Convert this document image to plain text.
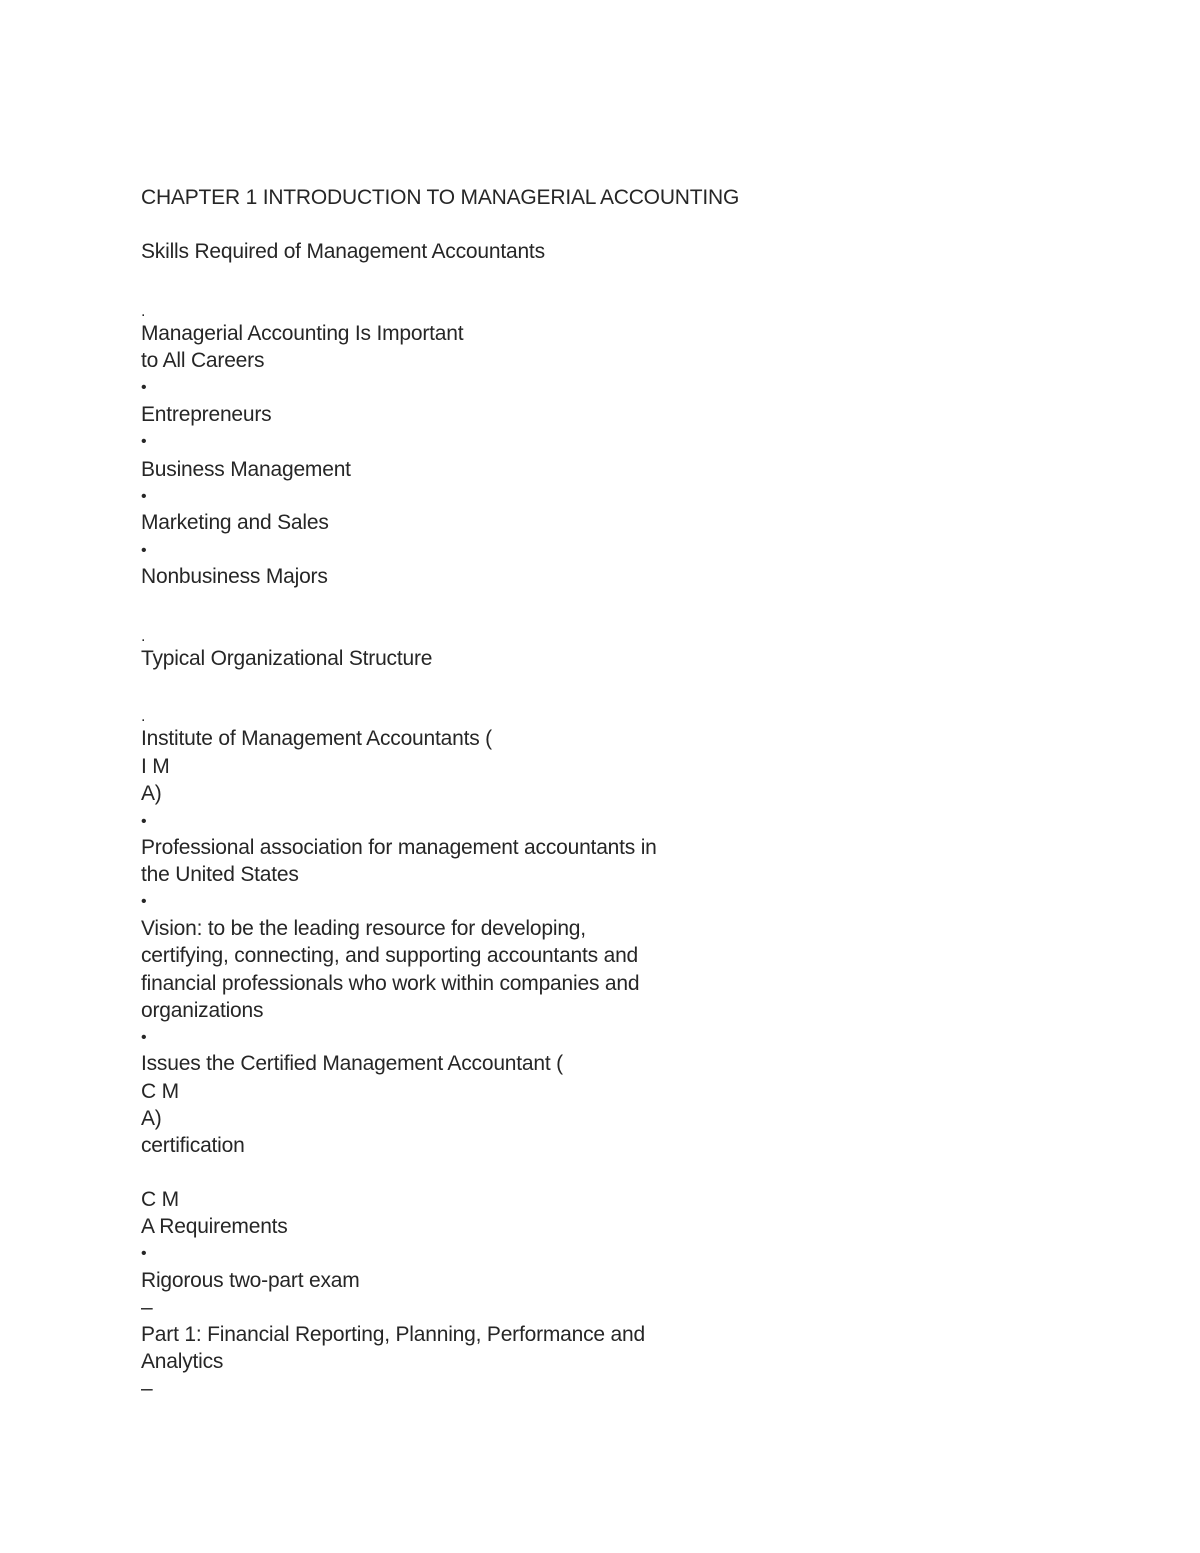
CHAPTER 1 INTRODUCTION TO MANAGERIAL ACCOUNTING
Skills Required of Management Accountants
.
Managerial Accounting Is Important
to All Careers
•
Entrepreneurs
•
Business Management
•
Marketing and Sales
•
Nonbusiness Majors
.
Typical Organizational Structure
.
Institute of Management Accountants (
I M
A)
•
Professional association for management accountants in
the United States
•
Vision: to be the leading resource for developing,
certifying, connecting, and supporting accountants and
financial professionals who work within companies and
organizations
•
Issues the Certified Management Accountant (
C M
A)
certification
C M
A Requirements
•
Rigorous two-part exam
–
Part 1: Financial Reporting, Planning, Performance and
Analytics
–
